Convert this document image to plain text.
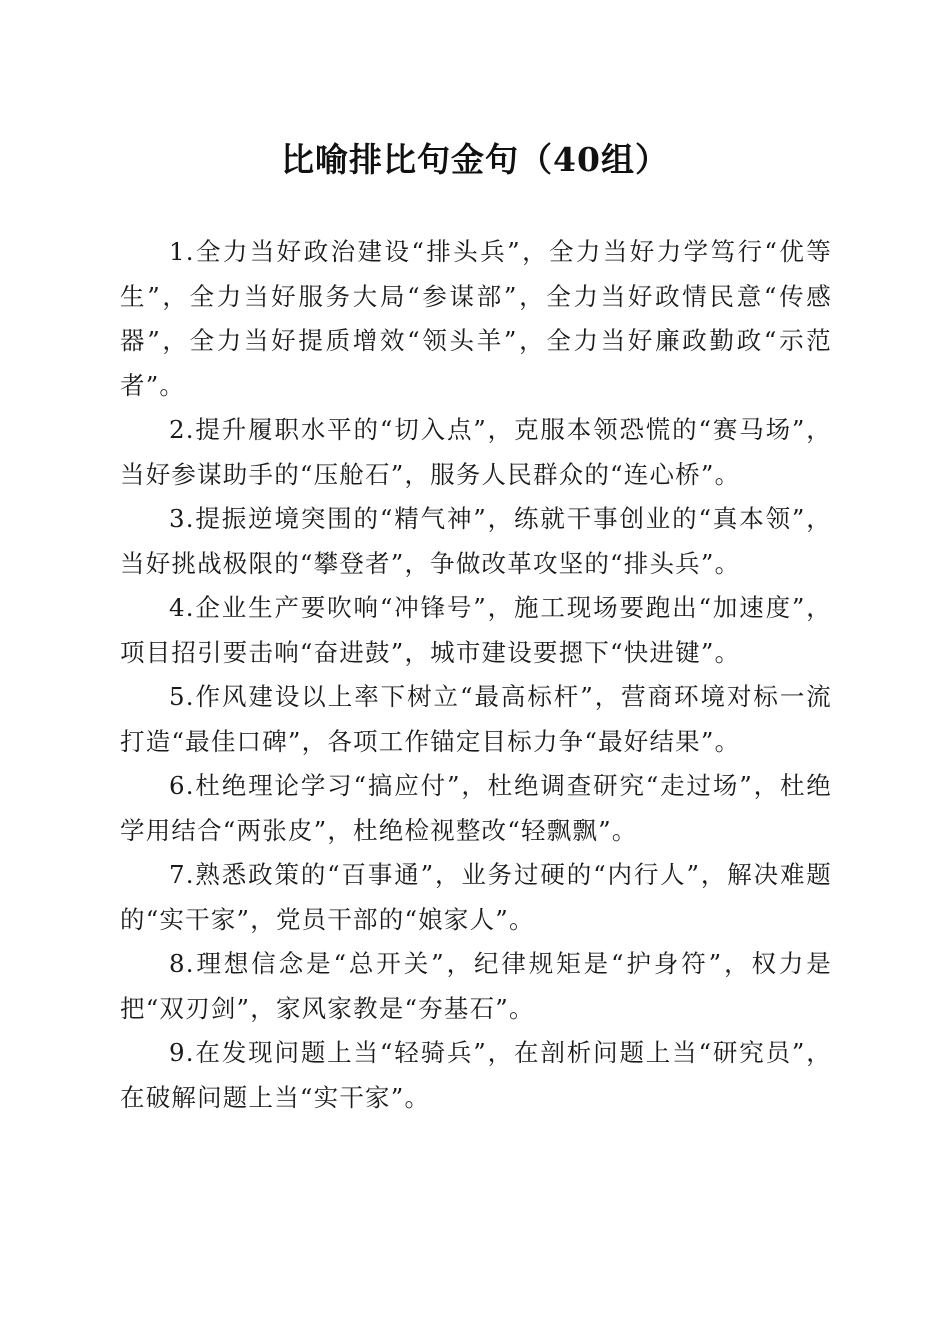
比喻排比句金句（40组）

1.全力当好政治建设“排头兵”，全力当好力学笃行“优等生”，全力当好服务大局“参谋部”，全力当好政情民意“传感器”，全力当好提质增效“领头羊”，全力当好廉政勤政“示范者”。

2.提升履职水平的“切入点”，克服本领恐慌的“赛马场”，当好参谋助手的“压舱石”，服务人民群众的“连心桥”。

3.提振逆境突围的“精气神”，练就干事创业的“真本领”，当好挑战极限的“攀登者”，争做改革攻坚的“排头兵”。

4.企业生产要吹响“冲锋号”，施工现场要跑出“加速度”，项目招引要击响“奋进鼓”，城市建设要摁下“快进键”。

5.作风建设以上率下树立“最高标杆”，营商环境对标一流打造“最佳口碑”，各项工作锚定目标力争“最好结果”。

6.杜绝理论学习“搞应付”，杜绝调查研究“走过场”，杜绝学用结合“两张皮”，杜绝检视整改“轻飘飘”。

7.熟悉政策的“百事通”，业务过硬的“内行人”，解决难题的“实干家”，党员干部的“娘家人”。

8.理想信念是“总开关”，纪律规矩是“护身符”，权力是把“双刃剑”，家风家教是“夯基石”。

9.在发现问题上当“轻骑兵”，在剖析问题上当“研究员”，在破解问题上当“实干家”。
